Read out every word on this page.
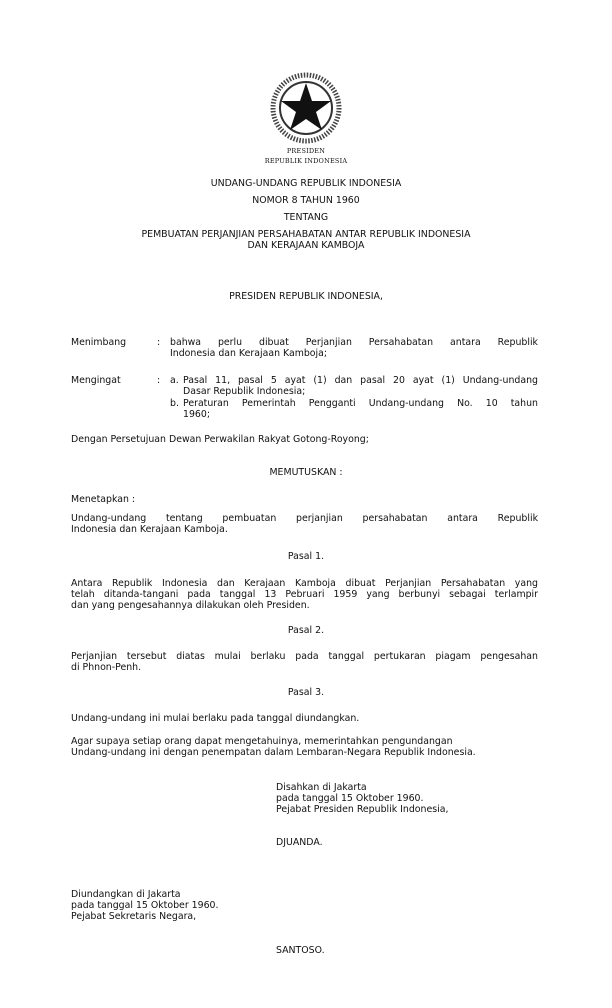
PRESIDEN
REPUBLIK INDONESIA
UNDANG-UNDANG REPUBLIK INDONESIA
NOMOR 8 TAHUN 1960
TENTANG
PEMBUATAN PERJANJIAN PERSAHABATAN ANTAR REPUBLIK INDONESIA
DAN KERAJAAN KAMBOJA
PRESIDEN REPUBLIK INDONESIA,
Menimbang	: bahwa perlu dibuat Perjanjian Persahabatan antara Republik
Indonesia dan Kerajaan Kamboja;
Mengingat	: a. Pasal 11, pasal 5 ayat (1) dan pasal 20 ayat (1) Undang-undang
Dasar Republik Indonesia;
b. Peraturan Pemerintah Pengganti Undang-undang No. 10 tahun
1960;
Dengan Persetujuan Dewan Perwakilan Rakyat Gotong-Royong;
MEMUTUSKAN :
Menetapkan :
Undang-undang tentang pembuatan perjanjian persahabatan antara Republik
Indonesia dan Kerajaan Kamboja.
Pasal 1.
Antara Republik Indonesia dan Kerajaan Kamboja dibuat Perjanjian Persahabatan yang
telah ditanda-tangani pada tanggal 13 Pebruari 1959 yang berbunyi sebagai terlampir
dan yang pengesahannya dilakukan oleh Presiden.
Pasal 2.
Perjanjian tersebut diatas mulai berlaku pada tanggal pertukaran piagam pengesahan
di Phnon-Penh.
Pasal 3.
Undang-undang ini mulai berlaku pada tanggal diundangkan.
Agar supaya setiap orang dapat mengetahuinya, memerintahkan pengundangan
Undang-undang ini dengan penempatan dalam Lembaran-Negara Republik Indonesia.
Disahkan di Jakarta
pada tanggal 15 Oktober 1960.
Pejabat Presiden Republik Indonesia,
DJUANDA.
Diundangkan di Jakarta
pada tanggal 15 Oktober 1960.
Pejabat Sekretaris Negara,
SANTOSO.
